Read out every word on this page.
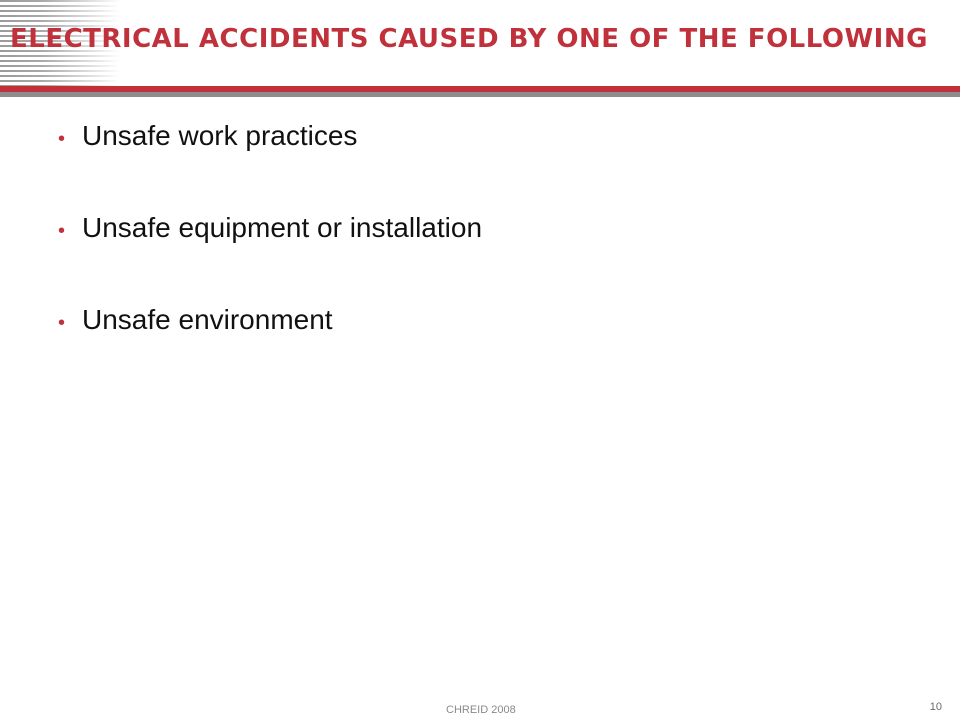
ELECTRICAL ACCIDENTS CAUSED BY ONE OF THE FOLLOWING
• Unsafe work practices
• Unsafe equipment or installation
• Unsafe environment
CHREID 2008	10
